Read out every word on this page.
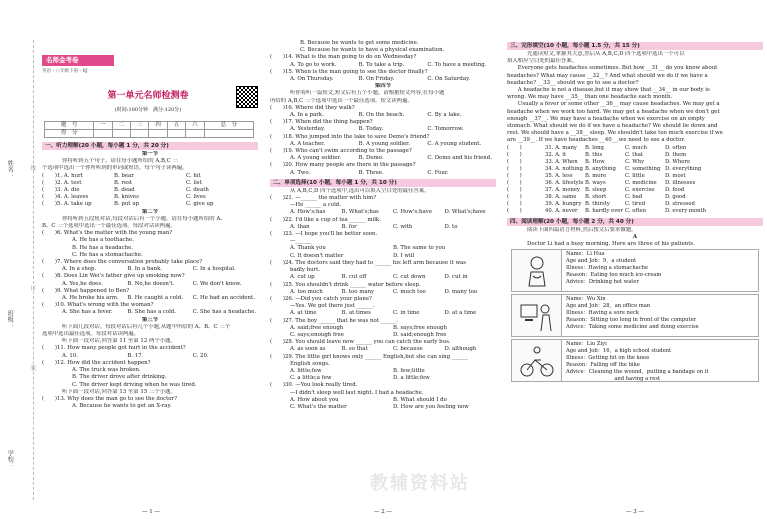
姓名：
班级：
学校：
线
订
装
名师金考卷
英语・八年级下册・RJ
第一单元名师检测卷
(时间:100分钟　满分:120分)
题　号	一	二	三	四	五	六	总　分
得　分							
一、听力理解(20 小题，每小题 1 分，共 20 分)
第一节
你将听到五个句子。请在每小题所给的 A,B,C 三
个选项中选出一个你所听到的单词或短语。每个句子读两遍。
(　　)1. A. hurt	B. bear	C. hit
(　　)2. A. test	B. rest	C. list
(　　)3. A. die	B. dead	C. death
(　　)4. A. leaves	B. knives	C. lives
(　　)5. A. take up	B. put up	C. give up
第二节
你将听到五段短对话,每段对话后有一个小题。请在每小题所给的 A、
B、C 三个选项中选出一个最佳选项。每段对话读两遍。
(　　)6. What's the matter with the young man?
A. He has a toothache.
B. He has a headache.
C. He has a stomachache.
(　　)7. Where does the conversation probably take place?
A. In a shop.	B. In a bank.	C. In a hospital.
(　　)8. Does Lin Wei's father give up smoking now?
A. Yes,he does.	B. No,he doesn't.	C. We don't know.
(　　)9. What happened to Ben?
A. He broke his arm.	B. He caught a cold.	C. He had an accident.
(　　)10. What's wrong with the woman?
A. She has a fever.	B. She has a cold.	C. She has a headache.
第三节
听下面几段对话。每段对话后有几个小题,从题中所给的 A、B、C 三个
选项中选出最佳选项。每段对话读两遍。
听下面一段对话,回答第 11 至第 12 两个小题。
(　　)11. How many people got hurt in the accident?
A. 10.	B. 17.	C. 20.
(　　)12. How did the accident happen?
A. The truck was broken.
B. The driver drove after drinking.
C. The driver kept driving when he was tired.
听下面一段对话,回答第 13 至第 15 三个小题。
(　　)13. Why does the man go to see the doctor?
A. Because he wants to get an X-ray.
— 1 —
B. Because he wants to get some medicine.
C. Because he wants to have a physical examination.
(　　)14. What is the man going to do on Wednesday?
A. To go to work.	B. To take a trip.	C. To have a meeting.
(　　)15. When is the man going to see the doctor finally?
A. On Thursday.	B. On Friday.	C. On Saturday.
第四节
听你将听一篇短文,短文后有五个小题。请根据短文内容,在每小题
所给的 A,B,C 三个选项中选出一个最佳选项。短文读两遍。
(　　)16. Where did they walk?
A. In a park.	B. On the beach.	C. By a lake.
(　　)17. When did the thing happen?
A. Yesterday.	B. Today.	C. Tomorrow.
(　　)18. Who jumped into the lake to save Demo's friend?
A. A teacher.	B. A young soldier.	C. A young student.
(　　)19. Who can't swim according to the passage?
A. A young soldier.	B. Demo.	C. Demo and his friend.
(　　)20. How many people are there in the passage?
A. Two.	B. Three.	C. Four.
二、单项选择(10 小题，每小题 1 分，共 10 分)
从 A,B,C,D 四个选项中,选出可以填入空白处的最佳答案。
(　　)21. —______ the matter with him?
—He ______ a cold.
A. How's;has	B. What's;has	C. How's;have	D. What's;have
(　　)22. I'd like a cup of tea ______ milk.
A. than	B. for	C. with	D. to
(　　)23. —I hope you'll be better soon.
—______
A. Thank you	B. The same to you
C. It doesn't matter	D. I will
(　　)24. The doctors said they had to ______ his left arm because it was
badly hurt.
A. cut up	B. cut off	C. cut down	D. cut in
(　　)25. You shouldn't drink ______ water before sleep.
A. too much	B. too many	C. much too	D. many too
(　　)26. —Did you catch your plane?
—Yes. We got there just ______.
A. at time	B. at times	C. in time	D. at a time
(　　)27. The boy ______ that he was not ______.
A. said;free enough	B. says;free enough
C. says;enough free	D. said;enough free
(　　)28. You should leave now ______ you can catch the early bus.
A. as soon as	B. so that	C. because	D. although
(　　)29. The little girl knows only ______ English,but she can sing ______
English songs.
A. little;few	B. few;little
C. a little;a few	D. a little;few
(　　)30. —You look really tired.
—I didn't sleep well last night. I had a headache.
A. How about you	B. What should I do
C. What's the matter	D. How are you feeling now
— 2 —
三、完形填空(10 小题，每小题 1.5 分，共 15 分)
先通读短文,掌握其大意,然后从 A,B,C,D 四个选项中选出一个可以
填入相应空白处的最佳答案。
　　Everyone gets headaches sometimes. But how __31__ do you know about
headaches? What may cause __32__? And what should we do if we have a
headache? __33__ should we go to see a doctor?
　　A headache is not a disease,but it may show that __34__ in our body is
wrong. We may have __35__ than one headache each month.
　　Usually a fever or some other __36__ may cause headaches. We may get a
headache when we work too hard. We may get a headache when we don't get
enough __37__. We may have a headache when we exercise on an empty
stomach. What should we do if we have a headache? We should lie down and
rest. We should have a __38__ sleep. We shouldn't take too much exercise if we
are __39__. If we have headaches __40__,we need to see a doctor.
(　　)	31. A. many	B. long	C. much	D. often
(　　)	32. A. it	B. this	C. that	D. them
(　　)	33. A. When	B. How	C. Why	D. Where
(　　)	34. A. nothing B. anything	C. something D. everything
(　　)	35. A. less	B. more	C. little	D. most
(　　)	36. A. lifestyle B. ways	C. medicine	D. illnesses
(　　)	37. A. money B. sleep	C. exercise	D. food
(　　)	38. A. same	B. short	C. bad	D. good
(　　)	39. A. hungry B. thirsty	C. tired	D. stressed
(　　)	40. A. never	B. hardly ever C. often	D. every month
四、阅读理解(20 小题，每小题 2 分，共 40 分)
阅读下面四篇语言材料,然后按文后要求做题。
A
Doctor Li had a busy morning. Here are three of his patients.
Name：Li Hua
Age and Job：9，a student
Illness：Having a stomachache
Reason：Eating too much ice-cream
Advice：Drinking hot water
Name：Wu Xin
Age and Job：28，an office man
Illness：Having a sore neck
Reason：Sitting too long in front of the computer
Advice：Taking some medicine and doing exercise
Name：Liu Ziyi
Age and Job：16，a high school student
Illness：Getting hit on the knee
Reason：Falling off the bike
Advice：Cleaning the wound，putting a bandage on it
and having a rest
— 3 —
教辅资料站
